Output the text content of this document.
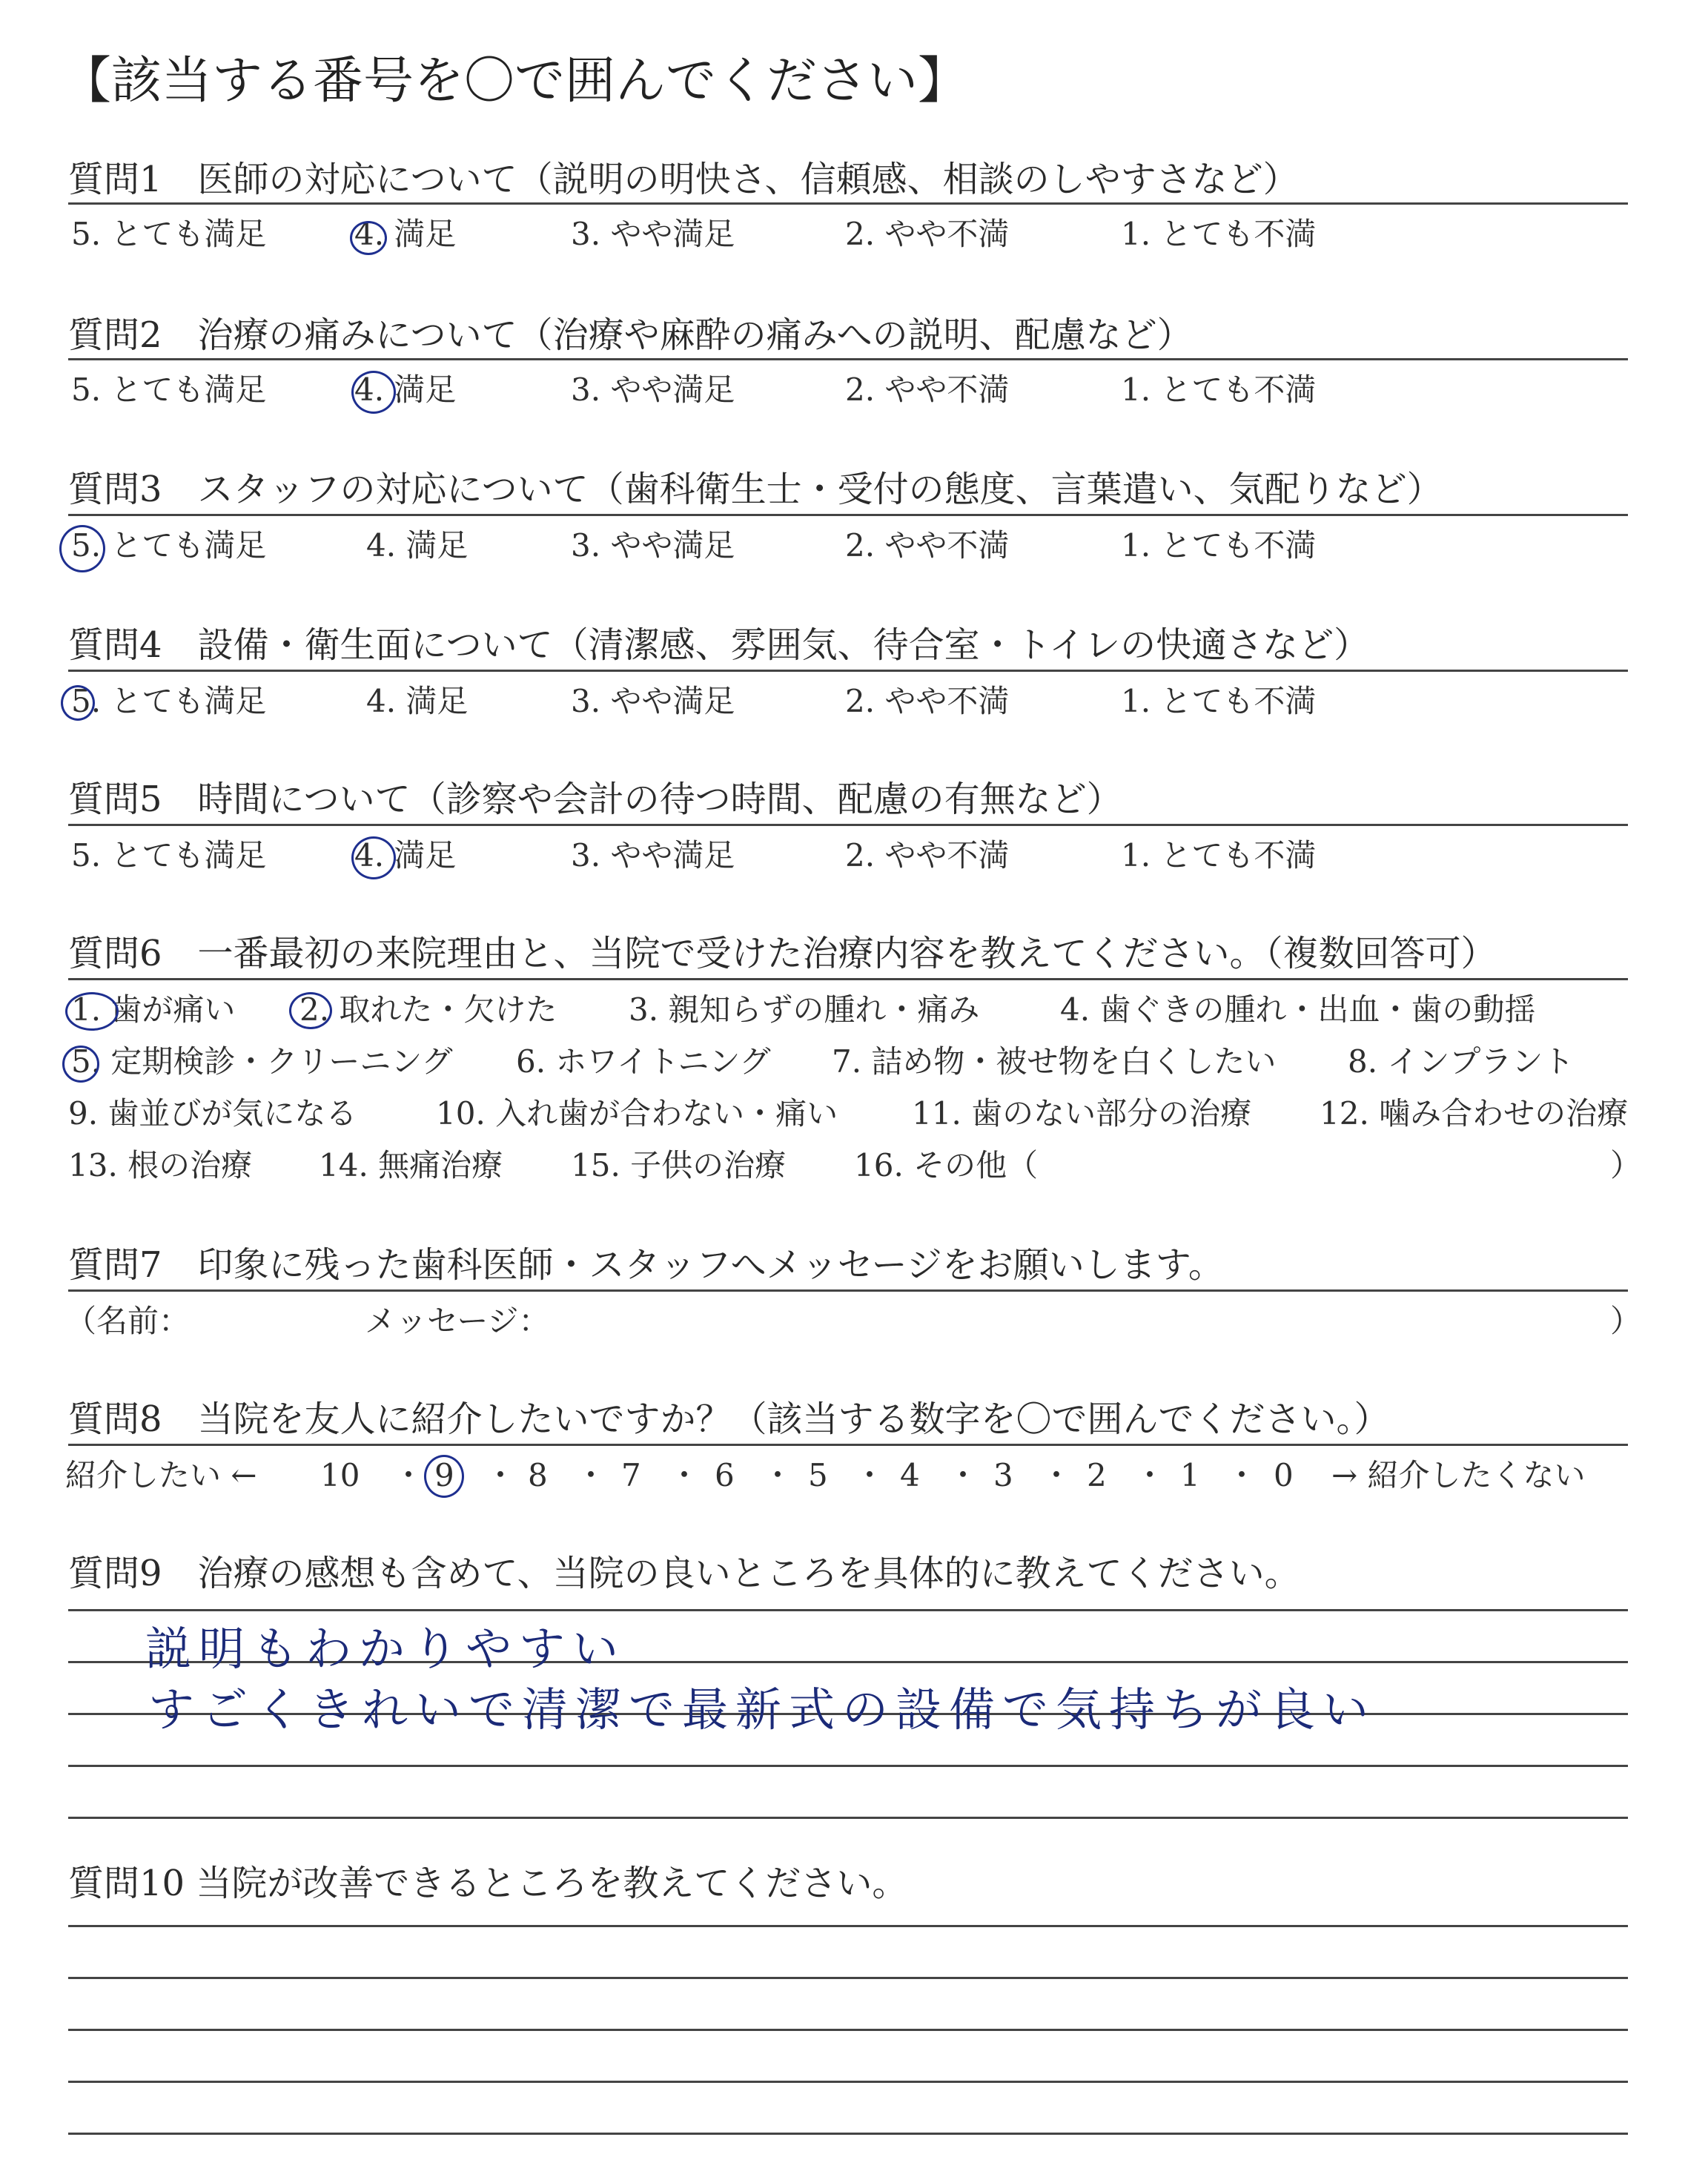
【該当する番号を〇で囲んでください】
質問1　医師の対応について（説明の明快さ、信頼感、相談のしやすさなど）
5. とても満足	4. 満足	3. やや満足	2. やや不満	1. とても不満
質問2　治療の痛みについて（治療や麻酔の痛みへの説明、配慮など）
5. とても満足	4. 満足	3. やや満足	2. やや不満	1. とても不満
質問3　スタッフの対応について（歯科衛生士・受付の態度、言葉遣い、気配りなど）
5. とても満足	4. 満足	3. やや満足	2. やや不満	1. とても不満
質問4　設備・衛生面について（清潔感、雰囲気、待合室・トイレの快適さなど）
5. とても満足	4. 満足	3. やや満足	2. やや不満	1. とても不満
質問5　時間について（診察や会計の待つ時間、配慮の有無など）
5. とても満足	4. 満足	3. やや満足	2. やや不満	1. とても不満
質問6　一番最初の来院理由と、当院で受けた治療内容を教えてください。（複数回答可）
1. 歯が痛い 2. 取れた・欠けた 3. 親知らずの腫れ・痛み	4. 歯ぐきの腫れ・出血・歯の動揺
5. 定期検診・クリーニング 6. ホワイトニング 7. 詰め物・被せ物を白くしたい 8. インプラント
9. 歯並びが気になる	10. 入れ歯が合わない・痛い 11. 歯のない部分の治療 12. 噛み合わせの治療
13. 根の治療 14. 無痛治療 15. 子供の治療 16. その他（	）
質問7　印象に残った歯科医師・スタッフへメッセージをお願いします。
（名前：	メッセージ：	）
質問8　当院を友人に紹介したいですか？（該当する数字を〇で囲んでください。）
紹介したい ← 10 ・ 9 ・ 8 ・ 7 ・ 6 ・ 5 ・ 4 ・ 3 ・ 2 ・ 1 ・ 0 → 紹介したくない
質問9　治療の感想も含めて、当院の良いところを具体的に教えてください。
説明もわかりやすい
すごくきれいで清潔で最新式の設備で気持ちが良い
質問10 当院が改善できるところを教えてください。
